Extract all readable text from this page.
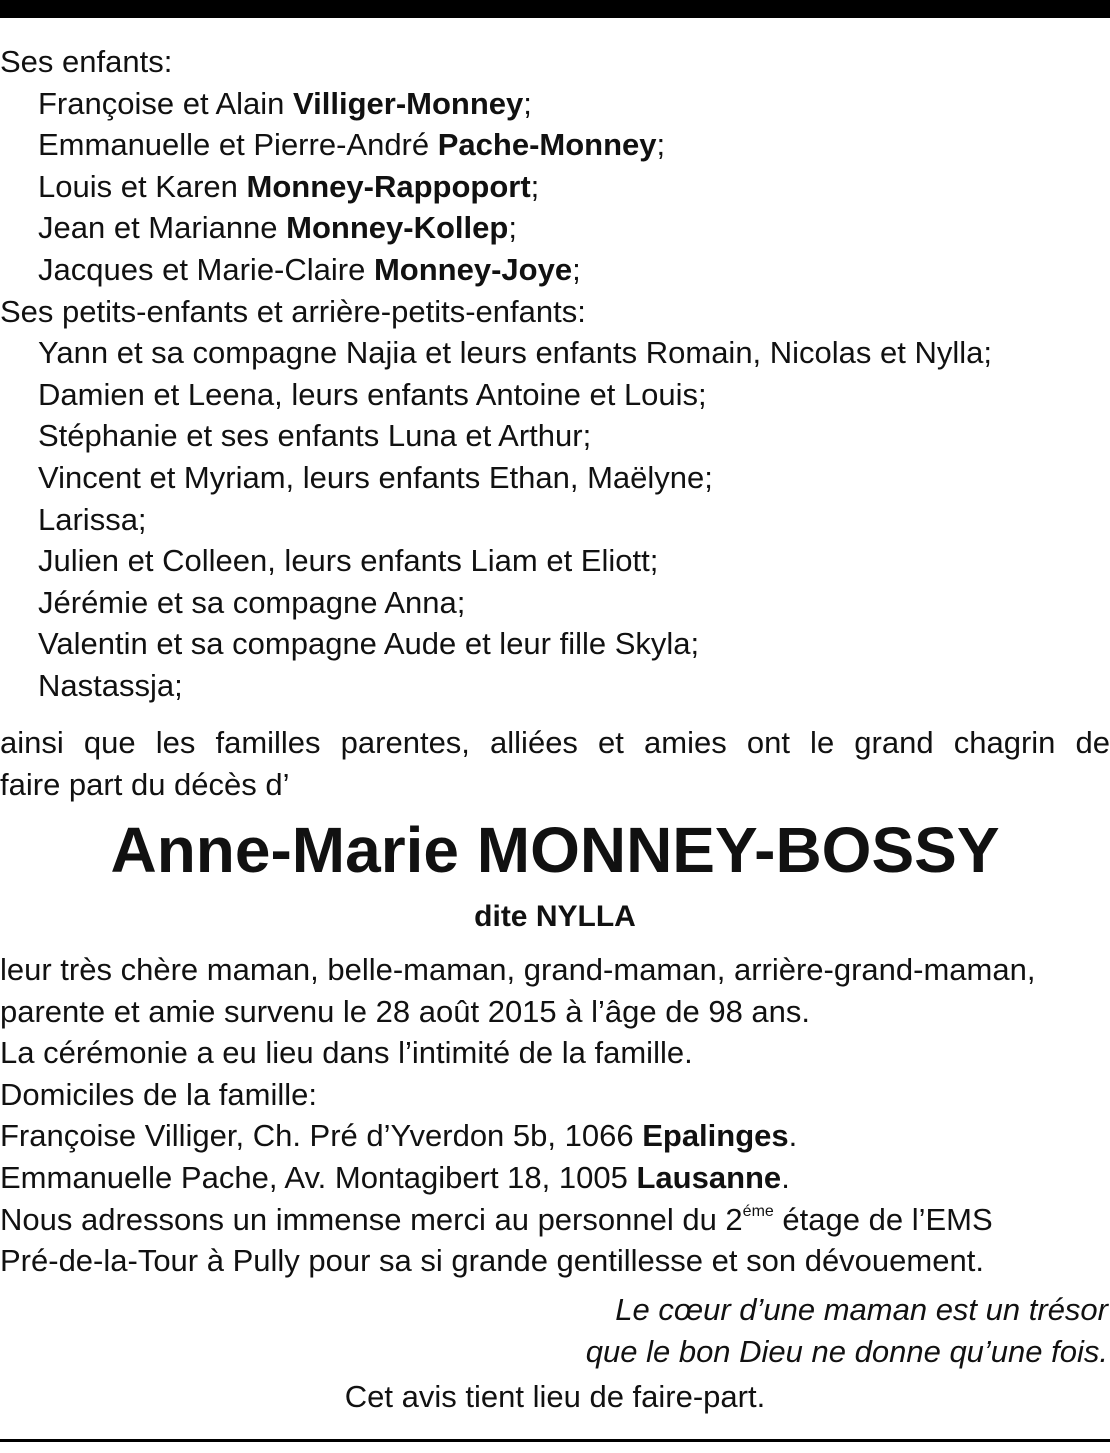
Ses enfants:
Françoise et Alain Villiger-Monney;
Emmanuelle et Pierre-André Pache-Monney;
Louis et Karen Monney-Rappoport;
Jean et Marianne Monney-Kollep;
Jacques et Marie-Claire Monney-Joye;
Ses petits-enfants et arrière-petits-enfants:
Yann et sa compagne Najia et leurs enfants Romain, Nicolas et Nylla;
Damien et Leena, leurs enfants Antoine et Louis;
Stéphanie et ses enfants Luna et Arthur;
Vincent et Myriam, leurs enfants Ethan, Maëlyne;
Larissa;
Julien et Colleen, leurs enfants Liam et Eliott;
Jérémie et sa compagne Anna;
Valentin et sa compagne Aude et leur fille Skyla;
Nastassja;
ainsi que les familles parentes, alliées et amies ont le grand chagrin de
faire part du décès d’
Anne-Marie MONNEY-BOSSY
dite NYLLA
leur très chère maman, belle-maman, grand-maman, arrière-grand-maman,
parente et amie survenu le 28 août 2015 à l’âge de 98 ans.
La cérémonie a eu lieu dans l’intimité de la famille.
Domiciles de la famille:
Françoise Villiger, Ch. Pré d’Yverdon 5b, 1066 Epalinges.
Emmanuelle Pache, Av. Montagibert 18, 1005 Lausanne.
Nous adressons un immense merci au personnel du $2^{éme}$ étage de l’EMS
Pré-de-la-Tour à Pully pour sa si grande gentillesse et son dévouement.
Le cœur d’une maman est un trésor
que le bon Dieu ne donne qu’une fois.
Cet avis tient lieu de faire-part.
